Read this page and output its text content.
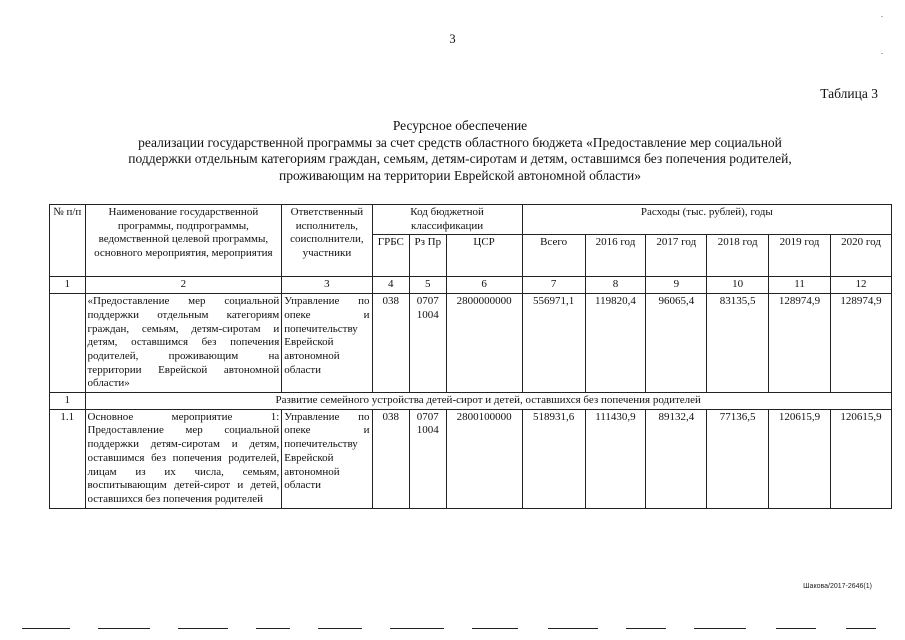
.
.
3
Таблица 3
Ресурсное обеспечение
реализации государственной программы за счет средств областного бюджета «Предоставление мер социальной
поддержки отдельным категориям граждан, семьям, детям-сиротам и детям, оставшимся без попечения родителей,
проживающим на территории Еврейской автономной области»
№ п/п	Наименование государственной программы, подпрограммы, ведомственной целевой программы, основного мероприятия, мероприятия	Ответственный исполнитель, соисполнители, участники	Код бюджетной классификации			Расходы (тыс. рублей), годы					
			ГРБС	Рз Пр	ЦСР	Всего	2016 год	2017 год	2018 год	2019 год	2020 год
1	2	3	4	5	6	7	8	9	10	11	12
	«Предоставление мер социальной поддержки отдельным категориям граждан, семьям, детям-сиротам и детям, оставшимся без попечения родителей, проживающим на территории Еврейской автономной области»	Управление по опеке и попечительству Еврейской автономной области	038	0707 1004	2800000000	556971,1	119820,4	96065,4	83135,5	128974,9	128974,9
1	Развитие семейного устройства детей-сирот и детей, оставшихся без попечения родителей										
1.1	Основное мероприятие 1: Предоставление мер социальной поддержки детям-сиротам и детям, оставшимся без попечения родителей, лицам из их числа, семьям, воспитывающим детей-сирот и детей, оставшихся без попечения родителей	Управление по опеке и попечительству Еврейской автономной области	038	0707 1004	2800100000	518931,6	111430,9	89132,4	77136,5	120615,9	120615,9
Шакова/2017-2646(1)
